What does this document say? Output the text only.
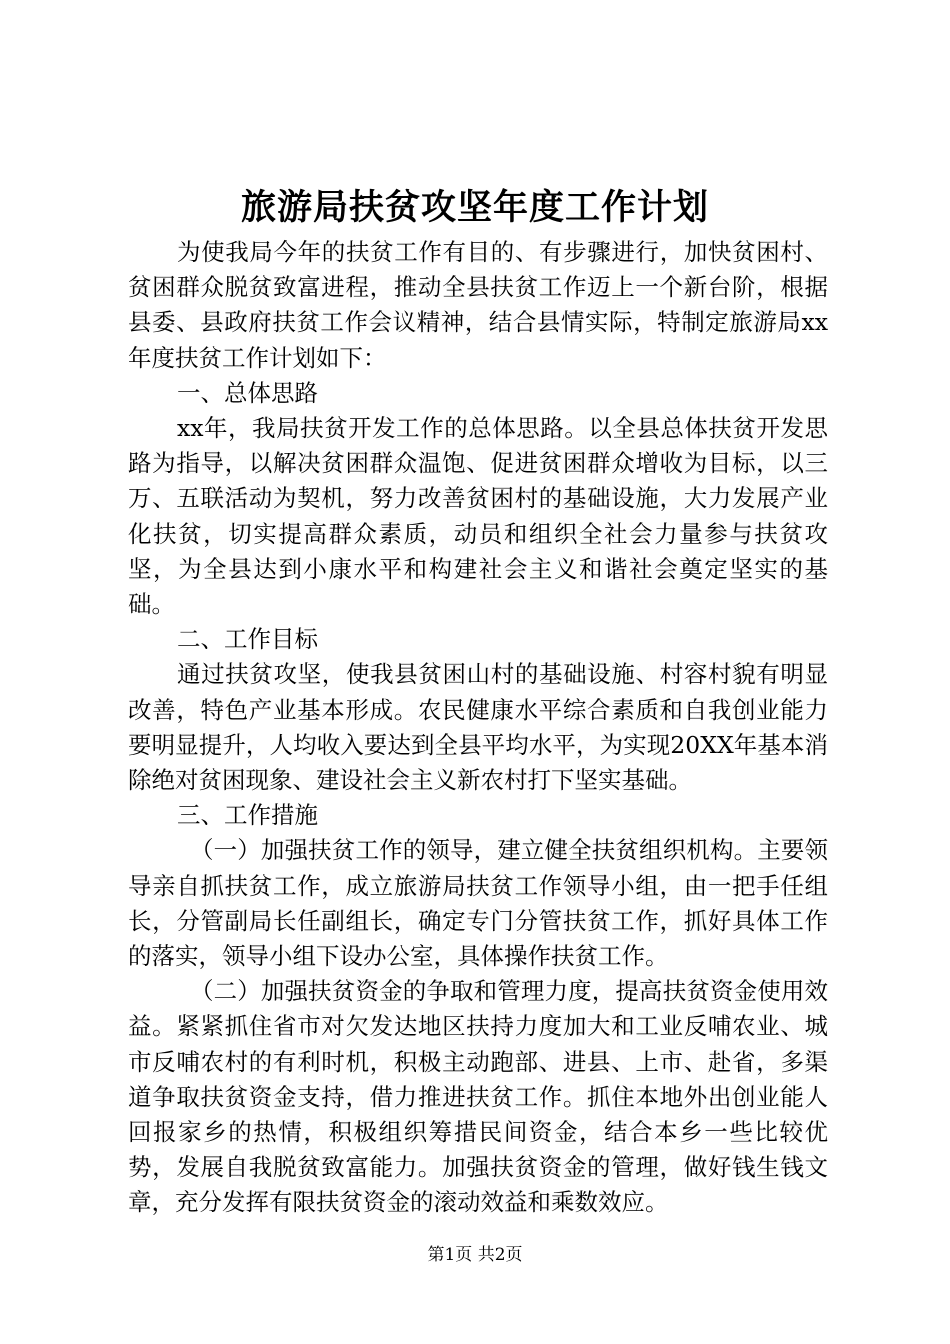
旅游局扶贫攻坚年度工作计划

为使我局今年的扶贫工作有目的、有步骤进行，加快贫困村、贫困群众脱贫致富进程，推动全县扶贫工作迈上一个新台阶，根据县委、县政府扶贫工作会议精神，结合县情实际，特制定旅游局xx年度扶贫工作计划如下：

一、总体思路

xx年，我局扶贫开发工作的总体思路。以全县总体扶贫开发思路为指导，以解决贫困群众温饱、促进贫困群众增收为目标，以三万、五联活动为契机，努力改善贫困村的基础设施，大力发展产业化扶贫，切实提高群众素质，动员和组织全社会力量参与扶贫攻坚，为全县达到小康水平和构建社会主义和谐社会奠定坚实的基础。

二、工作目标

通过扶贫攻坚，使我县贫困山村的基础设施、村容村貌有明显改善，特色产业基本形成。农民健康水平综合素质和自我创业能力要明显提升，人均收入要达到全县平均水平，为实现20XX年基本消除绝对贫困现象、建设社会主义新农村打下坚实基础。

三、工作措施

（一）加强扶贫工作的领导，建立健全扶贫组织机构。主要领导亲自抓扶贫工作，成立旅游局扶贫工作领导小组，由一把手任组长，分管副局长任副组长，确定专门分管扶贫工作，抓好具体工作的落实，领导小组下设办公室，具体操作扶贫工作。

（二）加强扶贫资金的争取和管理力度，提高扶贫资金使用效益。紧紧抓住省市对欠发达地区扶持力度加大和工业反哺农业、城市反哺农村的有利时机，积极主动跑部、进县、上市、赴省，多渠道争取扶贫资金支持，借力推进扶贫工作。抓住本地外出创业能人回报家乡的热情，积极组织筹措民间资金，结合本乡一些比较优势，发展自我脱贫致富能力。加强扶贫资金的管理，做好钱生钱文章，充分发挥有限扶贫资金的滚动效益和乘数效应。

第1页 共2页
